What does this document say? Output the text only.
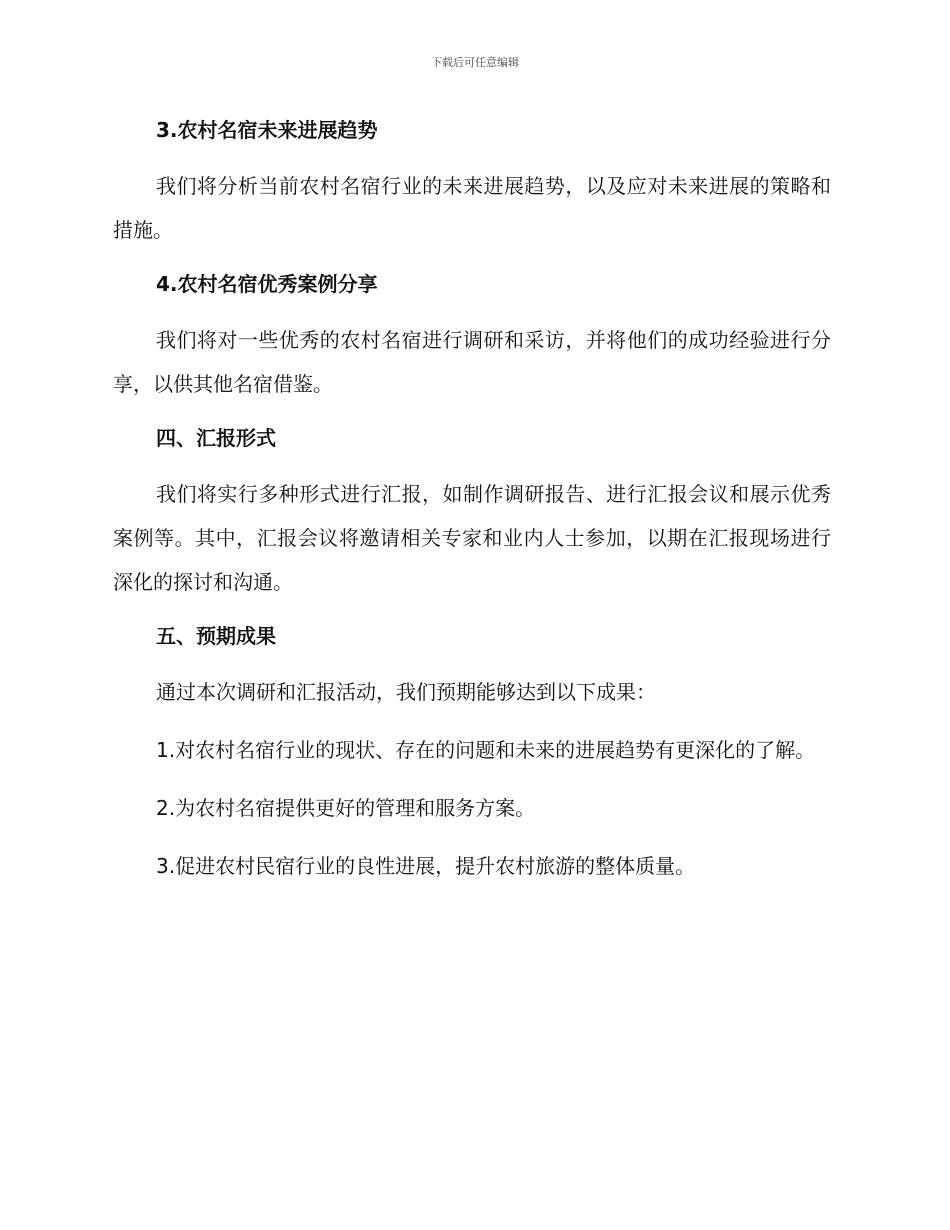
下载后可任意编辑
3.农村名宿未来进展趋势

我们将分析当前农村名宿行业的未来进展趋势，以及应对未来进展的策略和措施。

4.农村名宿优秀案例分享

我们将对一些优秀的农村名宿进行调研和采访，并将他们的成功经验进行分享，以供其他名宿借鉴。

四、汇报形式

我们将实行多种形式进行汇报，如制作调研报告、进行汇报会议和展示优秀案例等。其中，汇报会议将邀请相关专家和业内人士参加，以期在汇报现场进行深化的探讨和沟通。

五、预期成果

通过本次调研和汇报活动，我们预期能够达到以下成果：

1.对农村名宿行业的现状、存在的问题和未来的进展趋势有更深化的了解。

2.为农村名宿提供更好的管理和服务方案。

3.促进农村民宿行业的良性进展，提升农村旅游的整体质量。
